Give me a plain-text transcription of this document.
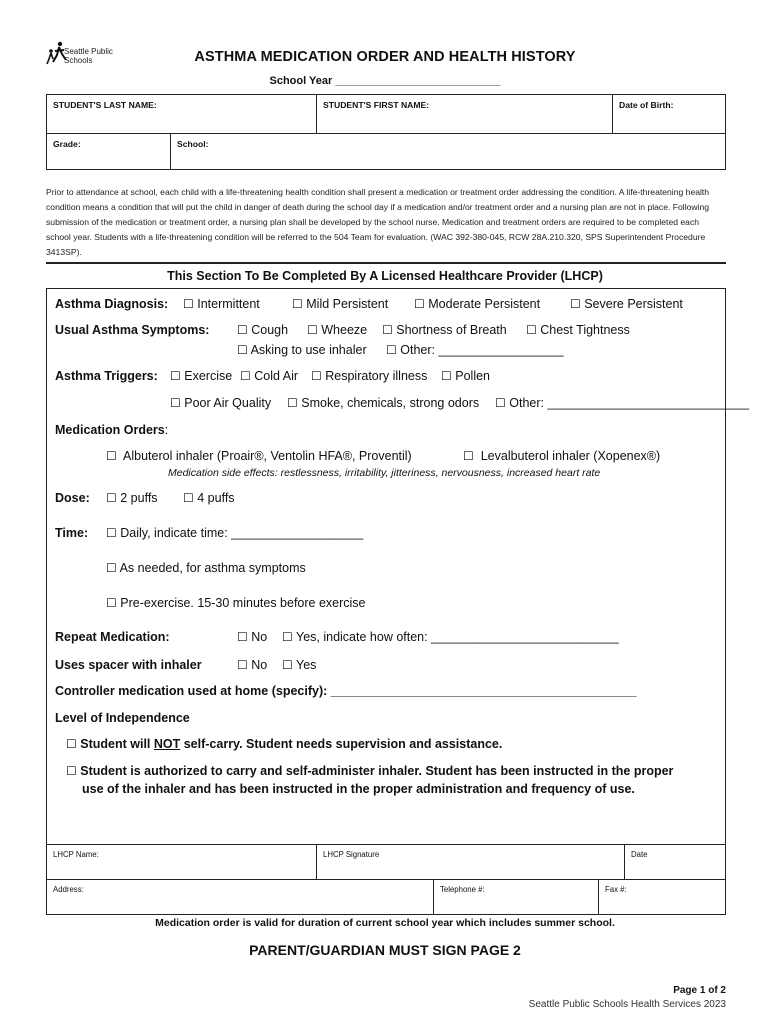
Seattle Public Schools	ASTHMA MEDICATION ORDER AND HEALTH HISTORY
School Year ___________________________
STUDENT'S LAST NAME:	STUDENT'S FIRST NAME:	Date of Birth:
Grade:	School:
Prior to attendance at school, each child with a life-threatening health condition shall present a medication or treatment order addressing the condition. A life-threatening health condition means a condition that will put the child in danger of death during the school day if a medication and/or treatment order and a nursing plan are not in place. Following submission of the medication or treatment order, a nursing plan shall be developed by the school nurse. Medication and treatment orders are required to be completed each school year. Students with a life-threatening condition will be referred to the 504 Team for evaluation. (WAC 392-380-045, RCW 28A.210.320, SPS Superintendent Procedure 3413SP).
This Section To Be Completed By A Licensed Healthcare Provider (LHCP)
Asthma Diagnosis: ☐ Intermittent	☐ Mild Persistent ☐ Moderate Persistent ☐ Severe Persistent
Usual Asthma Symptoms: ☐ Cough ☐ Wheeze ☐ Shortness of Breath ☐ Chest Tightness
☐ Asking to use inhaler ☐ Other: __________________
Asthma Triggers: ☐ Exercise ☐ Cold Air ☐ Respiratory illness ☐ Pollen
☐ Poor Air Quality ☐ Smoke, chemicals, strong odors ☐ Other: _____________________________
Medication Orders:
☐ Albuterol inhaler (Proair®, Ventolin HFA®, Proventil)	☐ Levalbuterol inhaler (Xopenex®)
Medication side effects: restlessness, irritability, jitteriness, nervousness, increased heart rate
Dose: ☐ 2 puffs ☐ 4 puffs
Time: ☐ Daily, indicate time: ___________________
☐ As needed, for asthma symptoms
☐ Pre-exercise. 15-30 minutes before exercise
Repeat Medication:	☐ No ☐ Yes, indicate how often: ___________________________
Uses spacer with inhaler	☐ No ☐ Yes
Controller medication used at home (specify): ____________________________________________
Level of Independence
☐ Student will NOT self-carry. Student needs supervision and assistance.
☐ Student is authorized to carry and self-administer inhaler. Student has been instructed in the proper
use of the inhaler and has been instructed in the proper administration and frequency of use.
LHCP Name:	LHCP Signature	Date
Address:	Telephone #:	Fax #:
Medication order is valid for duration of current school year which includes summer school.
PARENT/GUARDIAN MUST SIGN PAGE 2
Page 1 of 2
Seattle Public Schools Health Services 2023
